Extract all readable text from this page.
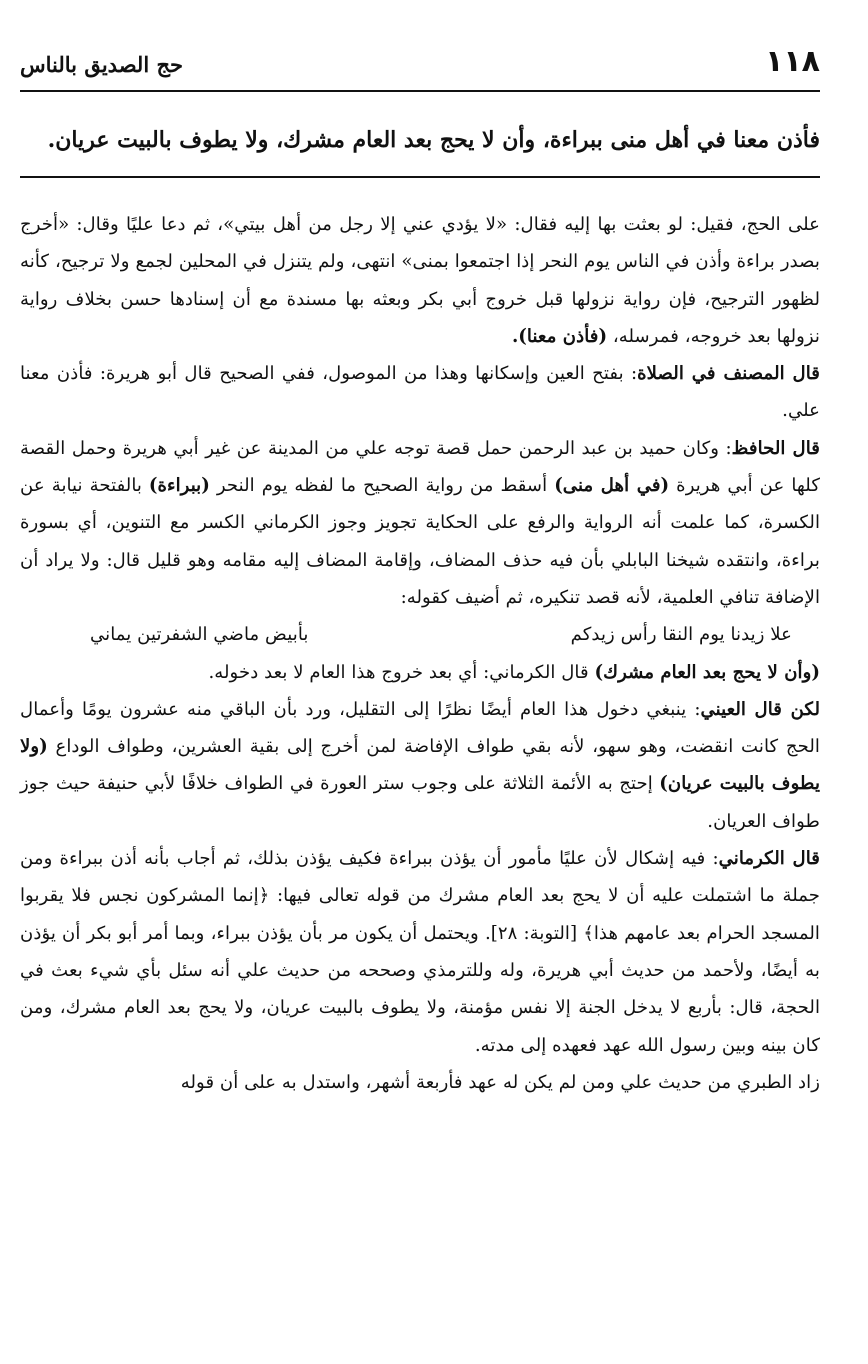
١١٨
حج الصديق بالناس
فأذن معنا في أهل منى ببراءة، وأن لا يحج بعد العام مشرك، ولا يطوف بالبيت عريان.

على الحج، فقيل: لو بعثت بها إليه فقال: «لا يؤدي عني إلا رجل من أهل بيتي»، ثم دعا عليًا وقال: «أخرج بصدر براءة وأذن في الناس يوم النحر إذا اجتمعوا بمنى» انتهى، ولم يتنزل في المحلين لجمع ولا ترجيح، كأنه لظهور الترجيح، فإن رواية نزولها قبل خروج أبي بكر وبعثه بها مسندة مع أن إسنادها حسن بخلاف رواية نزولها بعد خروجه، فمرسله، (فأذن معنا).

قال المصنف في الصلاة: بفتح العين وإسكانها وهذا من الموصول، ففي الصحيح قال أبو هريرة: فأذن معنا علي.

قال الحافظ: وكان حميد بن عبد الرحمن حمل قصة توجه علي من المدينة عن غير أبي هريرة وحمل القصة كلها عن أبي هريرة (في أهل منى) أسقط من رواية الصحيح ما لفظه يوم النحر (ببراءة) بالفتحة نيابة عن الكسرة، كما علمت أنه الرواية والرفع على الحكاية تجويز وجوز الكرماني الكسر مع التنوين، أي بسورة براءة، وانتقده شيخنا البابلي بأن فيه حذف المضاف، وإقامة المضاف إليه مقامه وهو قليل قال: ولا يراد أن الإضافة تنافي العلمية، لأنه قصد تنكيره، ثم أضيف كقوله:

علا زيدنا يوم النقا رأس زيدكم
بأبيض ماضي الشفرتين يماني

(وأن لا يحج بعد العام مشرك) قال الكرماني: أي بعد خروج هذا العام لا بعد دخوله.

لكن قال العيني: ينبغي دخول هذا العام أيضًا نظرًا إلى التقليل، ورد بأن الباقي منه عشرون يومًا وأعمال الحج كانت انقضت، وهو سهو، لأنه بقي طواف الإفاضة لمن أخرج إلى بقية العشرين، وطواف الوداع (ولا يطوف بالبيت عريان) إحتج به الأئمة الثلاثة على وجوب ستر العورة في الطواف خلافًا لأبي حنيفة حيث جوز طواف العريان.

قال الكرماني: فيه إشكال لأن عليًا مأمور أن يؤذن ببراءة فكيف يؤذن بذلك، ثم أجاب بأنه أذن ببراءة ومن جملة ما اشتملت عليه أن لا يحج بعد العام مشرك من قوله تعالى فيها: ﴿إنما المشركون نجس فلا يقربوا المسجد الحرام بعد عامهم هذا﴾ [التوبة: ٢٨]. ويحتمل أن يكون مر بأن يؤذن ببراء، وبما أمر أبو بكر أن يؤذن به أيضًا، ولأحمد من حديث أبي هريرة، وله وللترمذي وصححه من حديث علي أنه سئل بأي شيء بعث في الحجة، قال: بأربع لا يدخل الجنة إلا نفس مؤمنة، ولا يطوف بالبيت عريان، ولا يحج بعد العام مشرك، ومن كان بينه وبين رسول الله عهد فعهده إلى مدته.

زاد الطبري من حديث علي ومن لم يكن له عهد فأربعة أشهر، واستدل به على أن قوله
